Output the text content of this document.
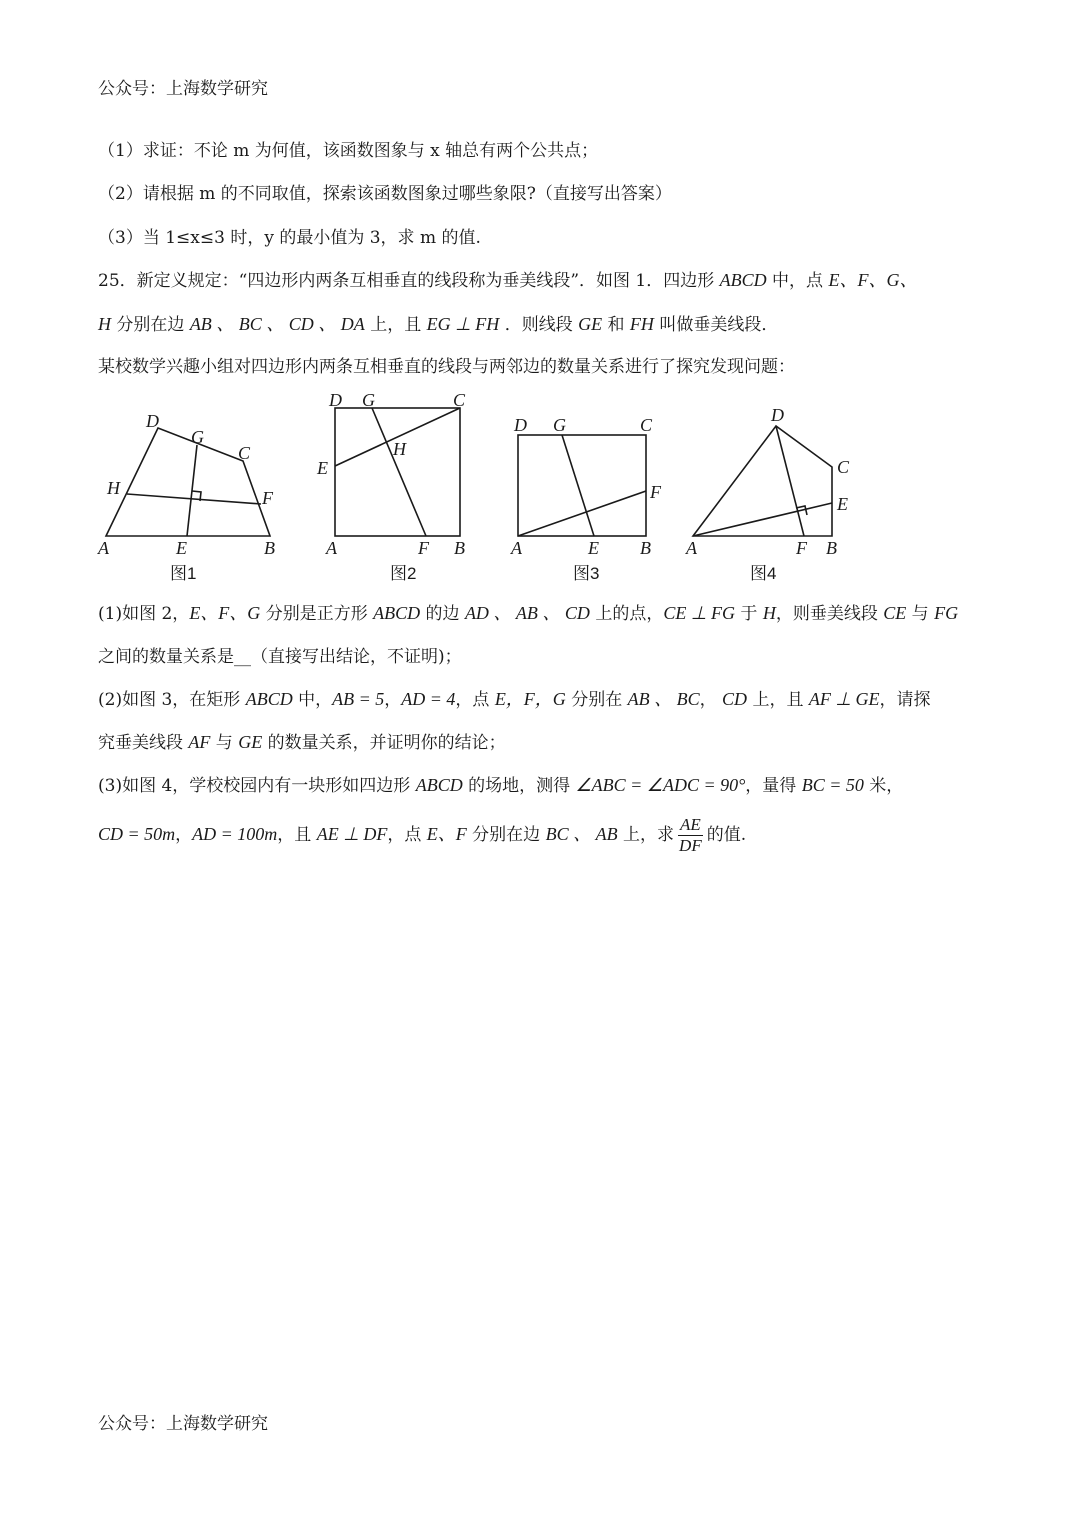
公众号：上海数学研究
（1）求证：不论 m 为何值，该函数图象与 x 轴总有两个公共点；
（2）请根据 m 的不同取值，探索该函数图象过哪些象限?（直接写出答案）
（3）当 1≤x≤3 时，y 的最小值为 3，求 m 的值.
25．新定义规定：“四边形内两条互相垂直的线段称为垂美线段”．如图 1．四边形 ABCD 中，点 E、F、G、
H 分别在边 AB 、 BC 、 CD 、 DA 上，且 EG ⊥ FH ．则线段 GE 和 FH 叫做垂美线段．
某校数学兴趣小组对四边形内两条互相垂直的线段与两邻边的数量关系进行了探究发现问题：
D
G
C
H	F
A	E	B
图1
D G	C
H
E
A	F B
图2
D G	C
F
A	E B
图3
D
C
E
A	F B
图4
(1)如图 2，E、F、G 分别是正方形 ABCD 的边 AD 、 AB 、 CD 上的点，CE ⊥ FG 于 H，则垂美线段 CE 与 FG
之间的数量关系是__（直接写出结论，不证明)；
(2)如图 3，在矩形 ABCD 中，AB = 5，AD = 4，点 E，F，G 分别在 AB 、 BC， CD 上，且 AF ⊥ GE，请探
究垂美线段 AF 与 GE 的数量关系，并证明你的结论；
(3)如图 4，学校校园内有一块形如四边形 ABCD 的场地，测得 ∠ABC = ∠ADC = 90°，量得 BC = 50 米，
CD = 50m，AD = 100m，且 AE ⊥ DF，点 E、F 分别在边 BC 、 AB 上，求 $\frac{AE}{DF}$ 的值.
公众号：上海数学研究
